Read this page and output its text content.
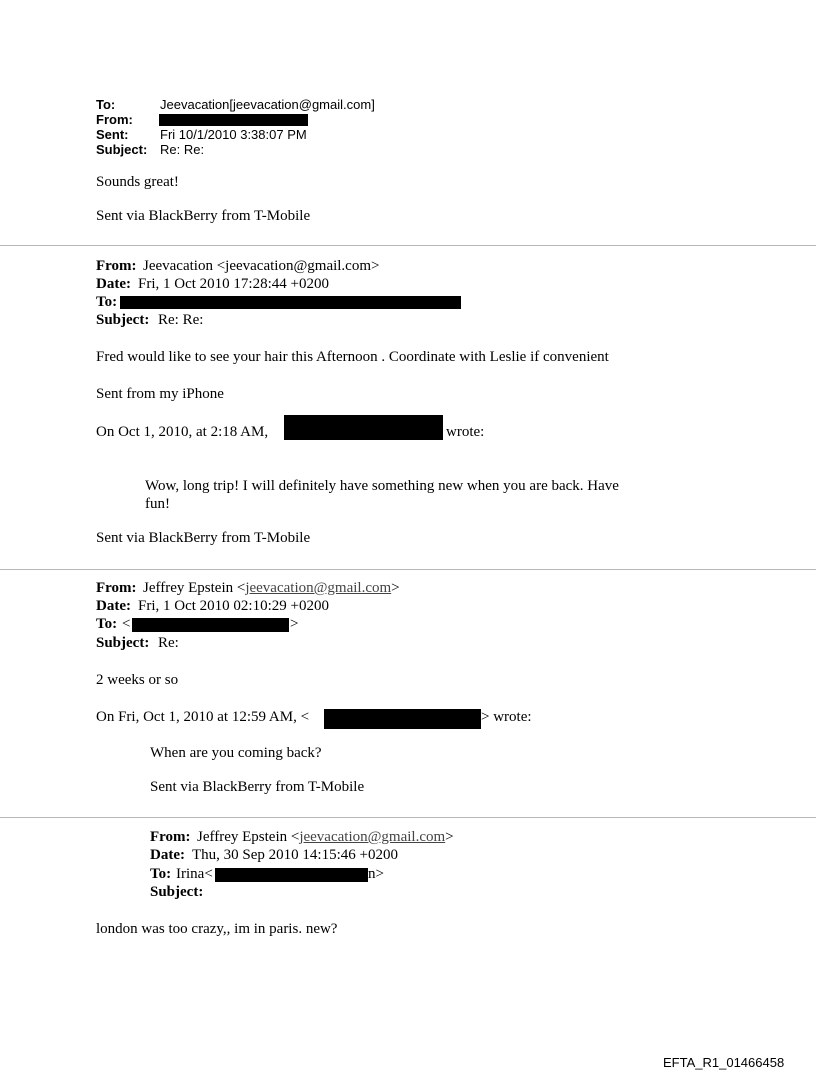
To:	Jeevacation[jeevacation@gmail.com]
From:
Sent: Fri 10/1/2010 3:38:07 PM
Subject: Re: Re:
Sounds great!
Sent via BlackBerry from T-Mobile
From: Jeevacation <jeevacation@gmail.com>
Date: Fri, 1 Oct 2010 17:28:44 +0200
To:
Subject: Re: Re:
Fred would like to see your hair this Afternoon . Coordinate with Leslie if convenient
Sent from my iPhone
On Oct 1, 2010, at 2:18 AM,	wrote:
Wow, long trip! I will definitely have something new when you are back. Have
fun!
Sent via BlackBerry from T-Mobile
From: Jeffrey Epstein <jeevacation@gmail.com>
Date: Fri, 1 Oct 2010 02:10:29 +0200
To: <	>
Subject: Re:
2 weeks or so
On Fri, Oct 1, 2010 at 12:59 AM, <	> wrote:
When are you coming back?
Sent via BlackBerry from T-Mobile
From: Jeffrey Epstein <jeevacation@gmail.com>
Date: Thu, 30 Sep 2010 14:15:46 +0200
To: Irina<	n>
Subject:
london was too crazy,, im in paris. new?
EFTA_R1_01466458
